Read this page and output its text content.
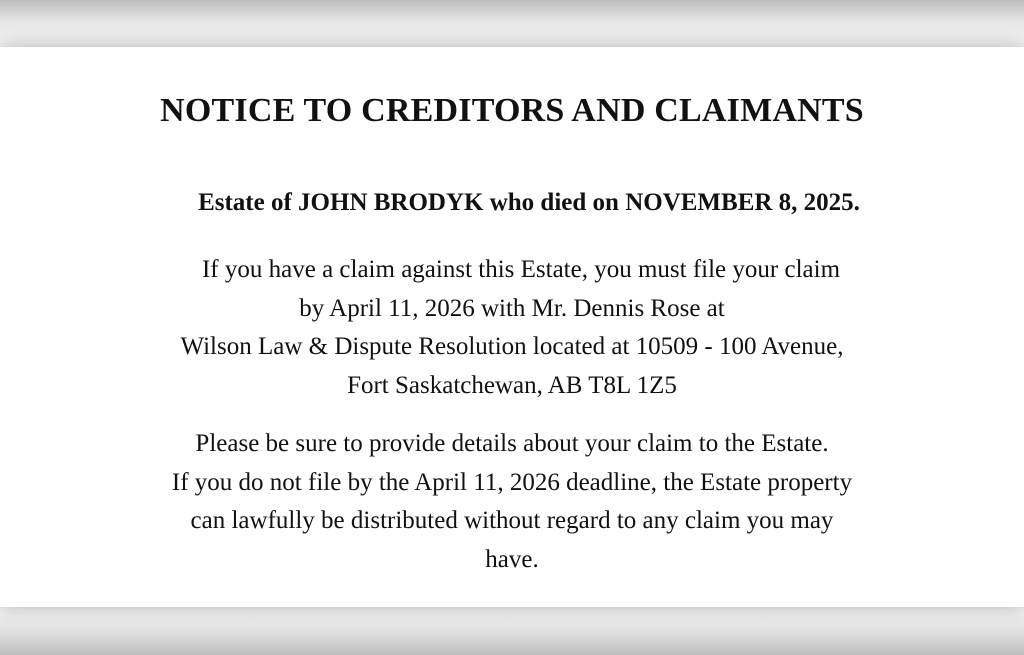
NOTICE TO CREDITORS AND CLAIMANTS
Estate of JOHN BRODYK who died on NOVEMBER 8, 2025.
If you have a claim against this Estate, you must file your claim
by April 11, 2026 with Mr. Dennis Rose at
Wilson Law & Dispute Resolution located at 10509 - 100 Avenue,
Fort Saskatchewan, AB T8L 1Z5
Please be sure to provide details about your claim to the Estate.
If you do not file by the April 11, 2026 deadline, the Estate property
can lawfully be distributed without regard to any claim you may
have.
